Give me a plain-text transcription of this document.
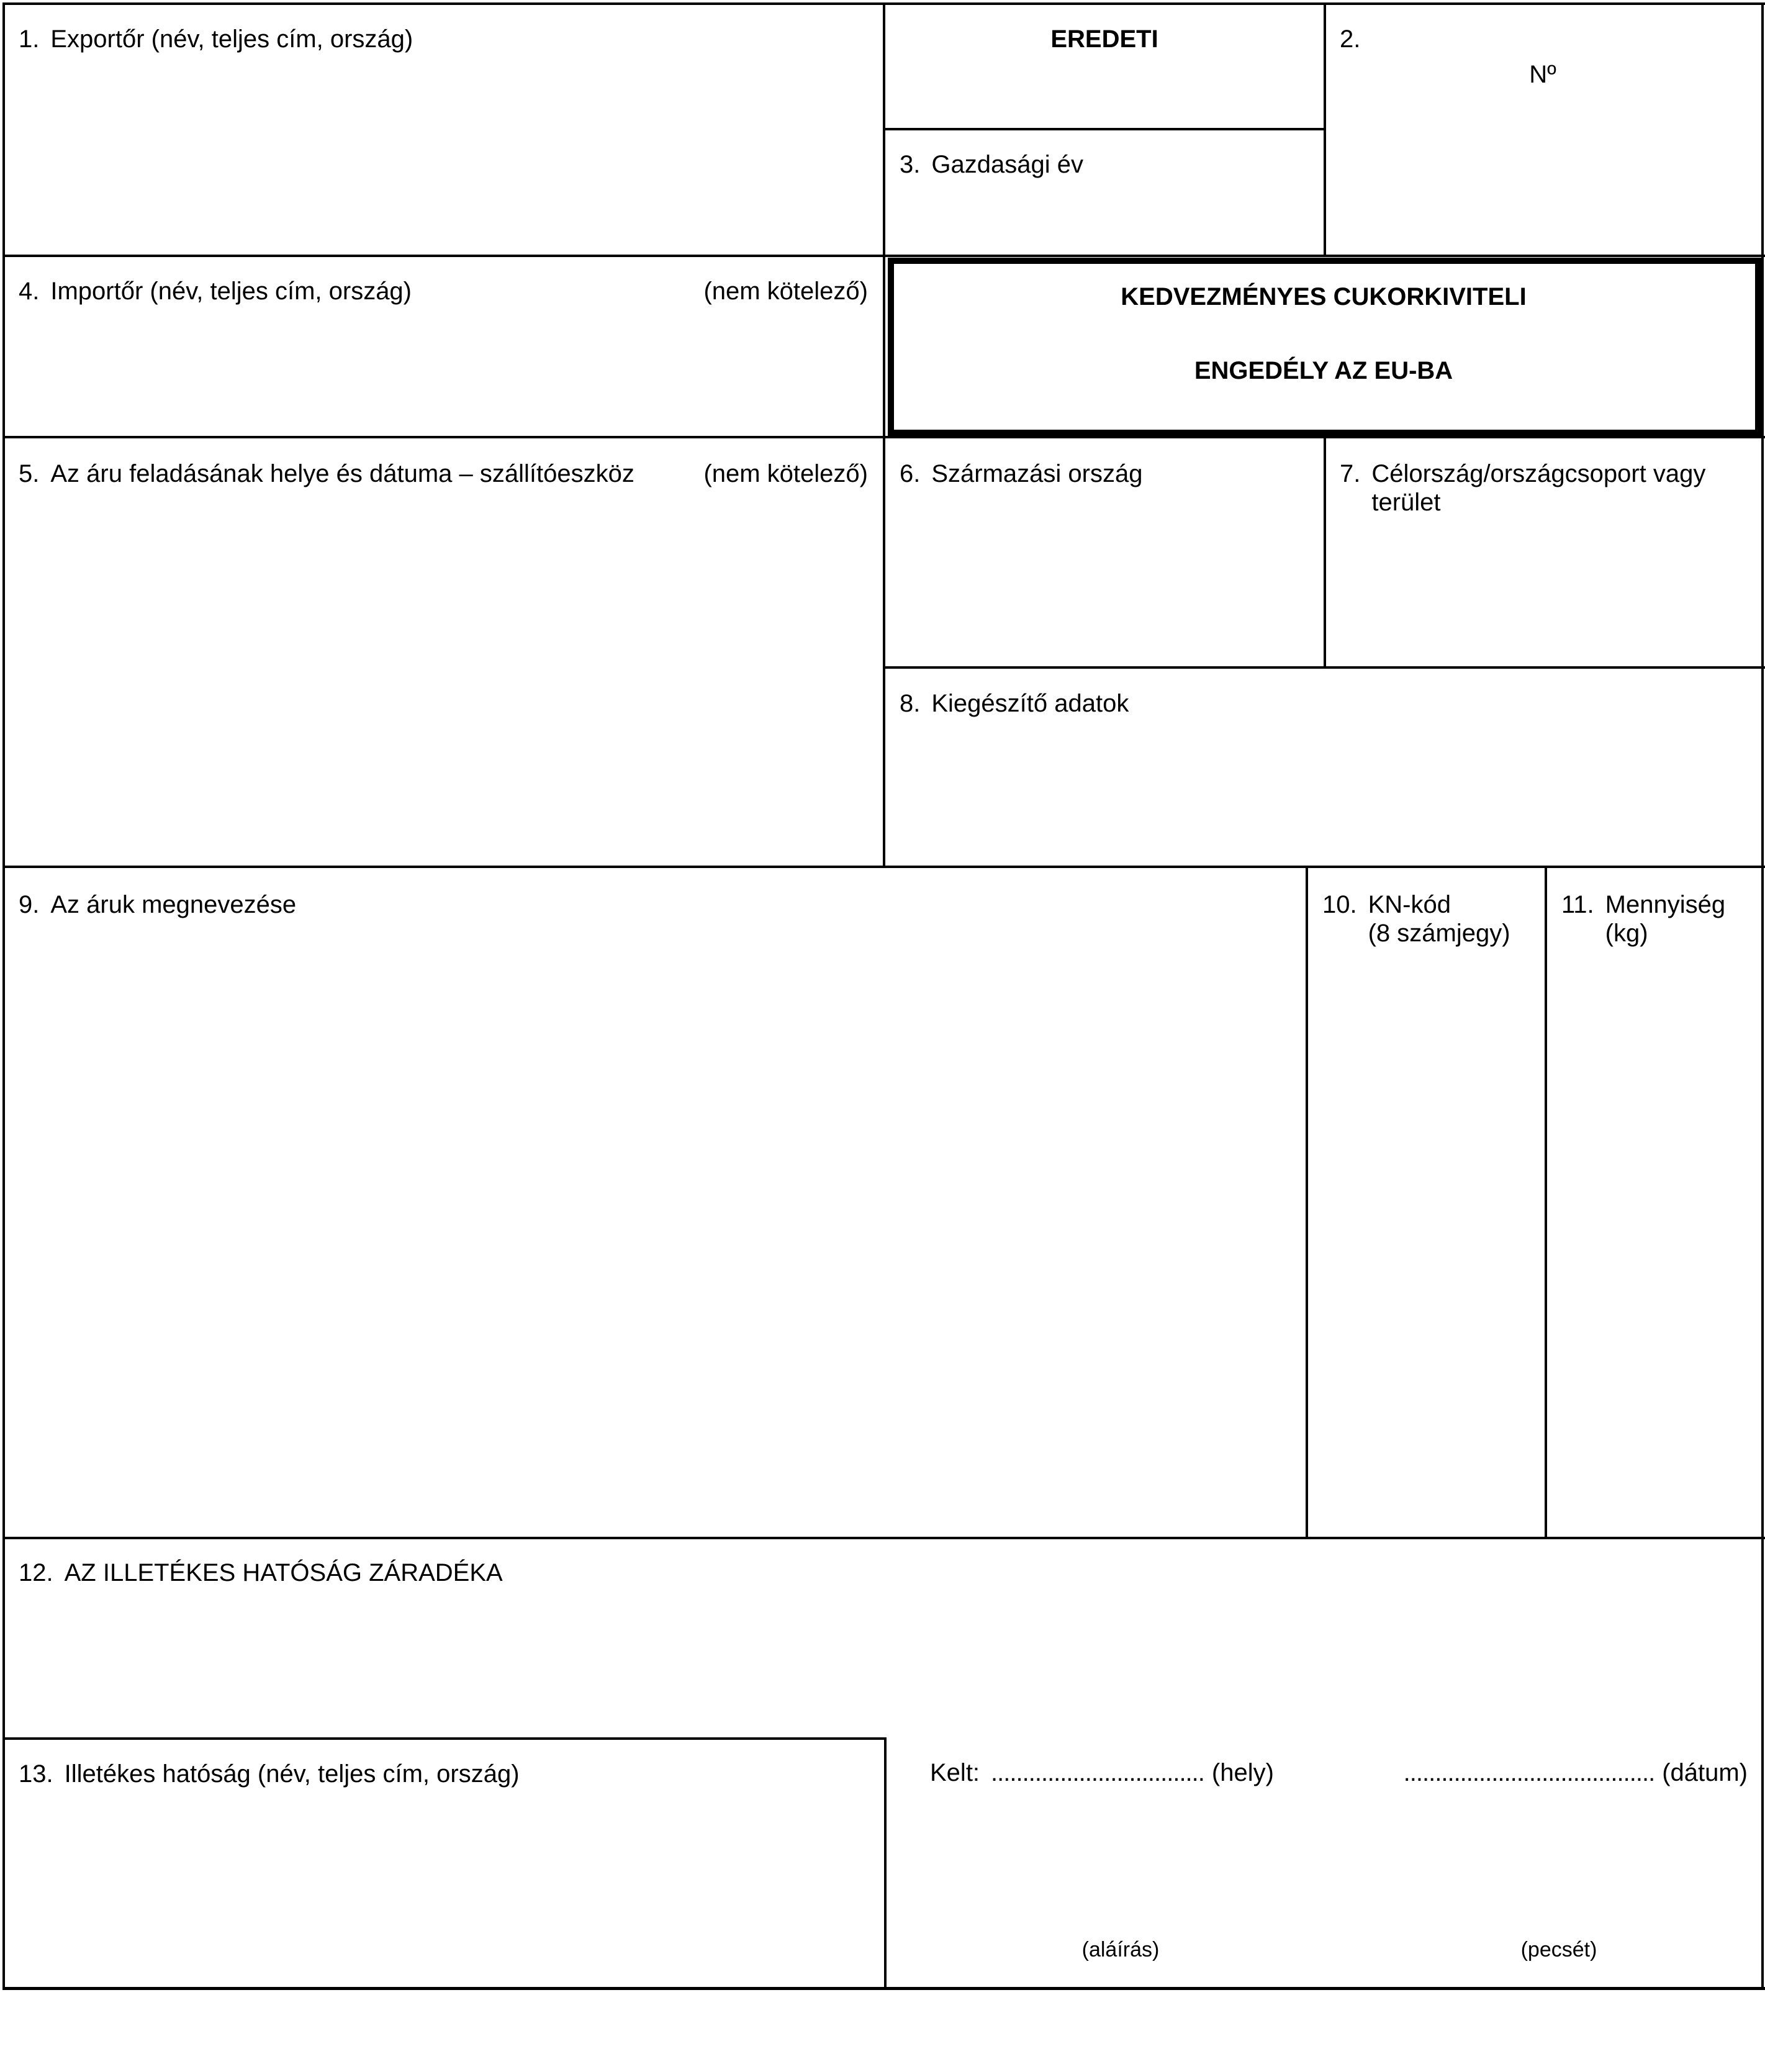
1. Exportőr (név, teljes cím, ország)	EREDETI	2.
Nº
3. Gazdasági év
4. Importőr (név, teljes cím, ország)	(nem kötelező)	KEDVEZMÉNYES CUKORKIVITELI
ENGEDÉLY AZ EU-BA
5. Az áru feladásának helye és dátuma – szállítóeszköz	(nem kötelező) 6. Származási ország	7. Célország/országcsoport vagy
terület
8. Kiegészítő adatok
9. Az áruk megnevezése	10. KN-kód
(8 számjegy)
11. Mennyiség
(kg)
12. AZ ILLETÉKES HATÓSÁG ZÁRADÉKA
13. Illetékes hatóság (név, teljes cím, ország)	Kelt: .................................. (hely)	........................................ (dátum)
(aláírás)	(pecsét)
